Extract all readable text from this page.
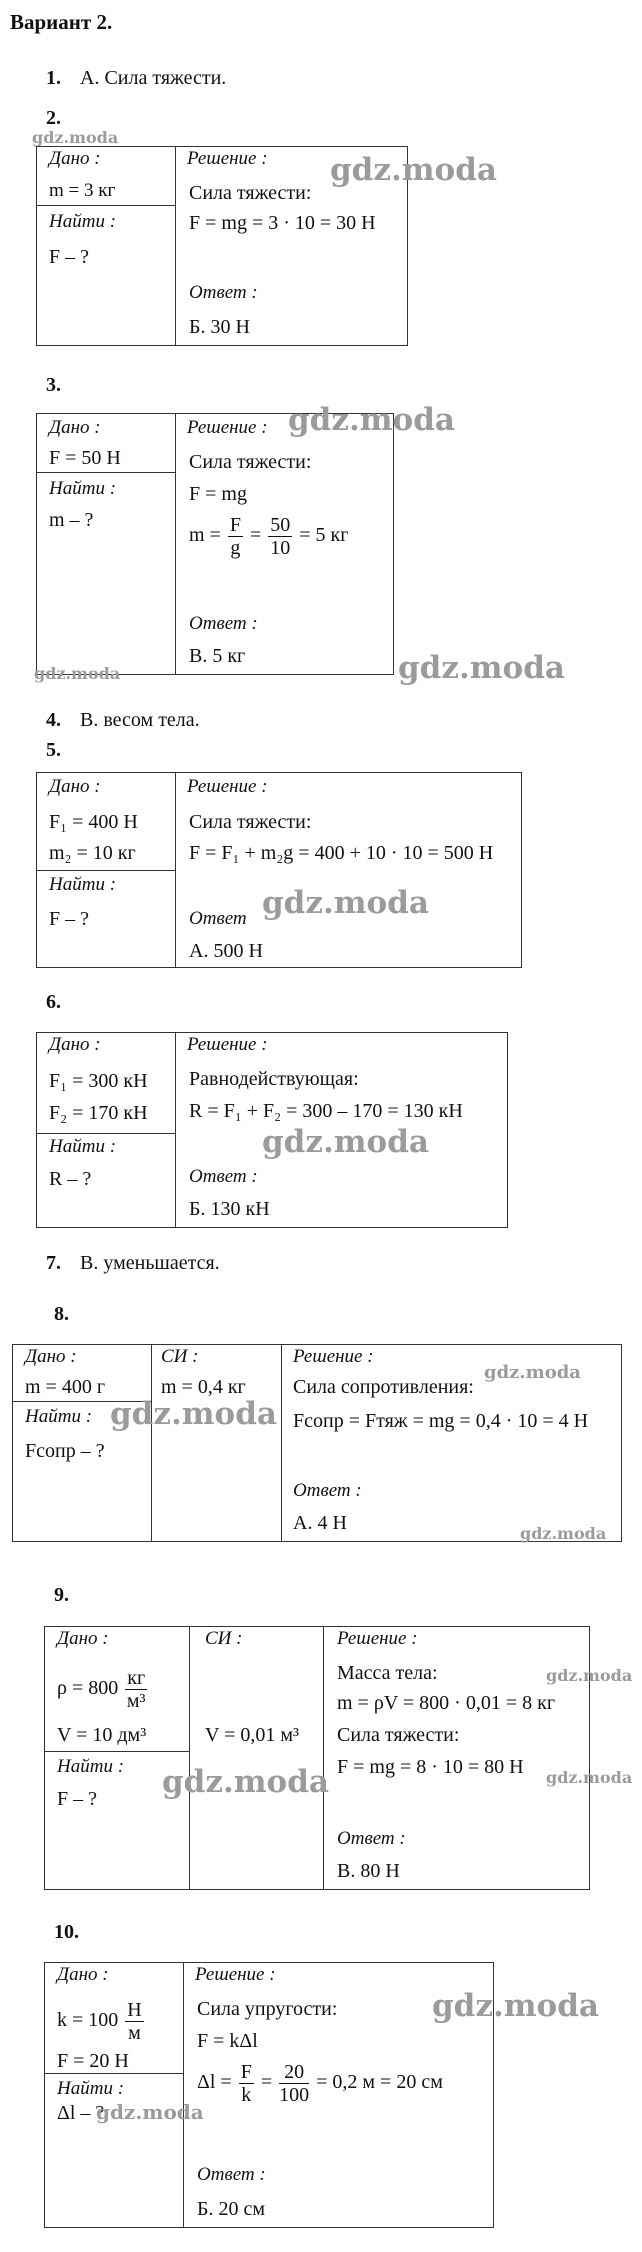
Вариант 2.
1. А. Сила тяжести.
2.
gdz.moda
Дано :
m = 3 кг
Найти :
F – ?
Решение :
Сила тяжести:
F = mg = 3 · 10 = 30 Н
Ответ :
Б. 30 Н
gdz.moda
3.
Дано :
F = 50 Н
Найти :
m – ?
Решение :
Сила тяжести:
F = mg
$m = \frac{F}{g} = \frac{50}{10} = 5$ кг
Ответ :
В. 5 кг
gdz.moda
gdz.moda	gdz.moda
4. В. весом тела.
5.
Дано :
F₁ = 400 Н
m₂ = 10 кг
Найти :
F – ?
Решение :
Сила тяжести:
F = F₁ + m₂g = 400 + 10 · 10 = 500 Н
Ответ
А. 500 Н
gdz.moda
6.
Дано :
F₁ = 300 кН
F₂ = 170 кН
Найти :
R – ?
Решение :
Равнодействующая:
R = F₁ + F₂ = 300 – 170 = 130 кН
Ответ :
Б. 130 кН
gdz.moda
7. В. уменьшается.
8.
Дано :
m = 400 г
Найти :
Fсопр – ?
СИ :
m = 0,4 кг
Решение :
Сила сопротивления:
Fсопр = Fтяж = mg = 0,4 · 10 = 4 Н
Ответ :
А. 4 Н
gdz.moda
gdz.moda
gdz.moda
9.
Дано :
$\rho = 800 \frac{кг}{\text{м³}}$
V = 10 дм³
Найти :
F – ?
СИ :
V = 0,01 м³
Решение :
Масса тела:
m = ρV = 800 · 0,01 = 8 кг
Сила тяжести:
F = mg = 8 · 10 = 80 Н
Ответ :
В. 80 Н
gdz.moda
gdz.moda
gdz.moda
10.
Дано :
$k = 100 \frac{Н}{м}$
F = 20 Н
Найти :
Δl – ?
Решение :
Сила упругости:
F = kΔl
$\Delta l = \frac{F}{k} = \frac{20}{100} = 0,2$ м = 20 см
Ответ :
Б. 20 см
gdz.moda
gdz.moda
